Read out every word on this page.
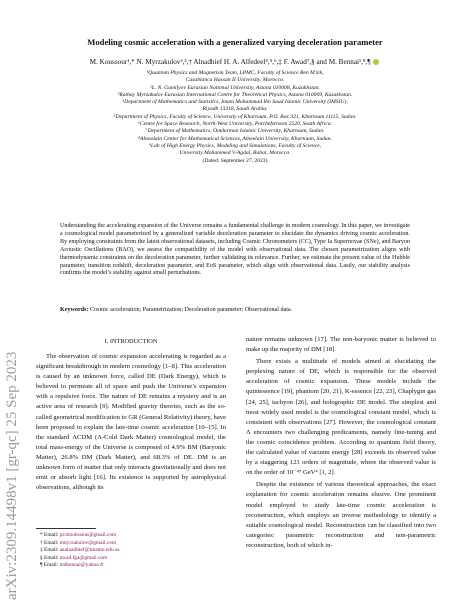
arXiv:2309.14498v1 [gr-qc] 25 Sep 2023
Modeling cosmic acceleration with a generalized varying deceleration parameter
M. Koussour¹,* N. Myrzakulov²,³,† Alnadhief H. A. Alfedeel⁴,⁵,⁶,‡ F. Awad⁷,§ and M. Bennai¹,⁸,¶
¹Quantum Physics and Magnetism Team, LPMC, Faculty of Science Ben M’sik,
Casablanca Hassan II University, Morocco.
²L. N. Gumilyov Eurasian National University, Astana 010008, Kazakhstan.
³Ratbay Myrzakulov Eurasian International Centre for Theoretical Physics, Astana 010009, Kazakhstan.
⁴Department of Mathematics and Statistics, Imam Mohammad Ibn Saud Islamic University (IMSIU),
Riyadh 13318, Saudi Arabia.
⁵Department of Physics, Faculty of Science, University of Khartoum, P.O. Box 321, Khartoum 11115, Sudan.
⁶Centre for Space Research, North-West University, Potchefstroom 2520, South Africa.
⁷Department of Mathematics, Omdurman Islamic University, Khartoum, Sudan.
⁸Alnoolain Center for Mathematical Sciences, Alneelain University, Khartoum, Sudan.
⁹Lab of High Energy Physics, Modeling and Simulations, Faculty of Science,
University Mohammed V-Agdal, Rabat, Morocco.
(Dated: September 27, 2023)
Understanding the accelerating expansion of the Universe remains a fundamental challenge in modern cosmology. In this paper, we investigate a cosmological model parameterized by a generalized variable deceleration parameter to elucidate the dynamics driving cosmic acceleration. By employing constraints from the latest observational datasets, including Cosmic Chronometers (CC), Type Ia Supernovae (SNe), and Baryon Acoustic Oscillations (BAO), we assess the compatibility of the model with observational data. The chosen parametrization aligns with thermodynamic constraints on the deceleration parameter, further validating its relevance. Further, we estimate the present value of the Hubble parameter, transition redshift, deceleration parameter, and EoS parameter, which align with observational data. Lastly, our stability analysis confirms the model’s stability against small perturbations.
Keywords: Cosmic acceleration; Parametrization; Deceleration parameter; Observational data.
I. INTRODUCTION

The observation of cosmic expansion accelerating is regarded as a significant breakthrough in modern cosmology [1–8]. This acceleration is caused by an unknown force, called DE (Dark Energy), which is believed to permeate all of space and push the Universe’s expansion with a repulsive force. The nature of DE remains a mystery and is an active area of research [9]. Modified gravity theories, such as the so-called geometrical modification to GR (General Relativity) theory, have been proposed to explain the late-time cosmic acceleration [10–15]. In the standard ΛCDM (Λ-Cold Dark Matter) cosmological model, the total mass-energy of the Universe is composed of 4.9% BM (Baryonic Matter), 26.8% DM (Dark Matter), and 68.3% of DE. DM is an unknown form of matter that only interacts gravitationally and does not emit or absorb light [16]. Its existence is supported by astrophysical observations, although its

nature remains unknown [17]. The non-baryonic matter is believed to make up the majority of DM [18].

There exists a multitude of models aimed at elucidating the perplexing nature of DE, which is responsible for the observed acceleration of cosmic expansion. These models include the quintessence [19], phantom [20, 21], K-essence [22, 23], Chaplygin gas [24, 25], tachyon [26], and holographic DE model. The simplest and most widely used model is the cosmological constant model, which is consistent with observations [27]. However, the cosmological constant Λ encounters two challenging predicaments, namely fine-tuning and the cosmic coincidence problem. According to quantum field theory, the calculated value of vacuum energy [28] exceeds its observed value by a staggering 123 orders of magnitude, where the observed value is on the order of 10⁻⁴⁷ GeV⁴ [1, 2].

Despite the existence of various theoretical approaches, the exact explanation for cosmic acceleration remains elusive. One prominent model employed to study late-time cosmic acceleration is reconstruction, which employs an inverse methodology to identify a suitable cosmological model. Reconstruction can be classified into two categories: parametric reconstruction and non-parametric reconstruction, both of which in-

* Email: pr.mouhssine@gmail.com
† Email: nmyrzakulov@gmail.com
‡ Email: aaalnadhief@imamu.edu.sa
§ Email: awad.fga@gmail.com
¶ Email: mdbennai@yahoo.fr
